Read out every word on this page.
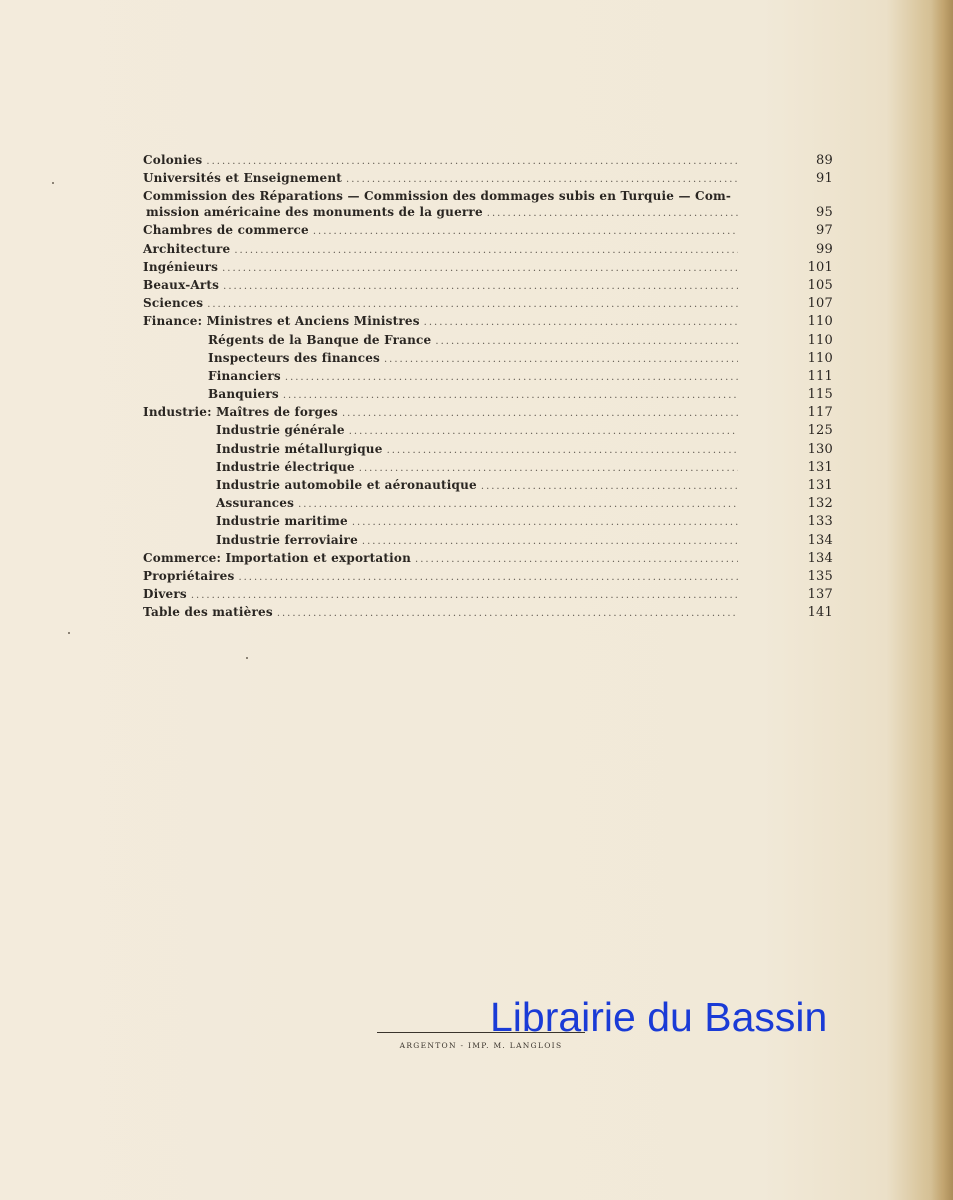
Colonies .....	89
Universités et Enseignement .....	91
Commission des Réparations — Commission des dommages subis en Turquie — Com-
mission américaine des monuments de la guerre .....	95
Chambres de commerce .....	97
Architecture .....	99
Ingénieurs .....	101
Beaux-Arts .....	105
Sciences .....	107
Finance: Ministres et Anciens Ministres .....	110
Régents de la Banque de France .....	110
Inspecteurs des finances .....	110
Financiers .....	111
Banquiers .....	115
Industrie: Maîtres de forges .....	117
Industrie générale .....	125
Industrie métallurgique .....	130
Industrie électrique .....	131
Industrie automobile et aéronautique .....	131
Assurances .....	132
Industrie maritime .....	133
Industrie ferroviaire .....	134
Commerce: Importation et exportation .....	134
Propriétaires .....	135
Divers .....	137
Table des matières .....	141
ARGENTON - IMP. M. LANGLOIS
Librairie du Bassin
